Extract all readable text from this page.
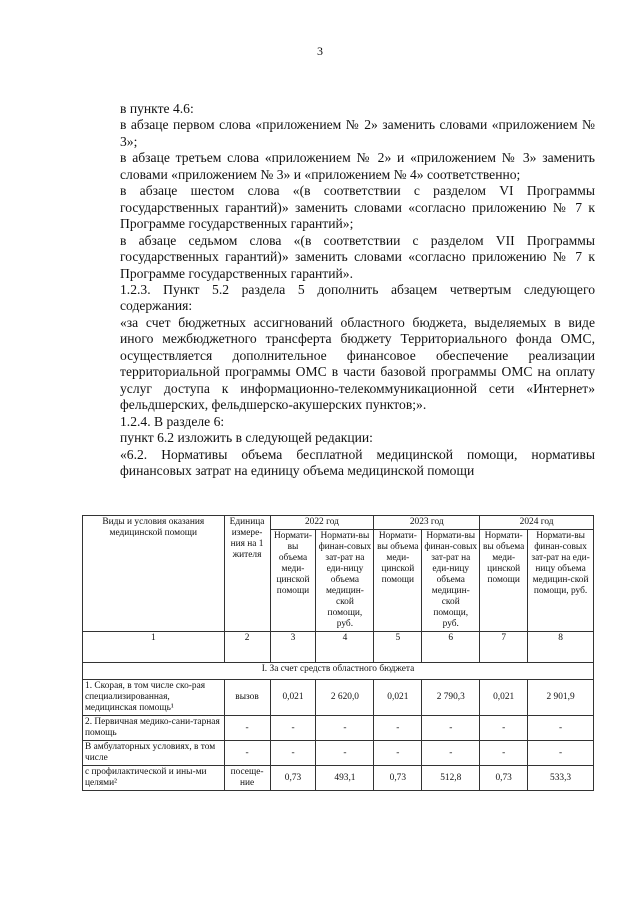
3

в пункте 4.6:

в абзаце первом слова «приложением № 2» заменить словами «приложением № 3»;

в абзаце третьем слова «приложением № 2» и «приложением № 3» заменить словами «приложением № 3» и «приложением № 4» соответственно;

в абзаце шестом слова «(в соответствии с разделом VI Программы государственных гарантий)» заменить словами «согласно приложению № 7 к Программе государственных гарантий»;

в абзаце седьмом слова «(в соответствии с разделом VII Программы государственных гарантий)» заменить словами «согласно приложению № 7 к Программе государственных гарантий».

1.2.3. Пункт 5.2 раздела 5 дополнить абзацем четвертым следующего содержания:

«за счет бюджетных ассигнований областного бюджета, выделяемых в виде иного межбюджетного трансферта бюджету Территориального фонда ОМС, осуществляется дополнительное финансовое обеспечение реализации территориальной программы ОМС в части базовой программы ОМС на оплату услуг доступа к информационно-телекоммуникационной сети «Интернет» фельдшерских, фельдшерско-акушерских пунктов;».

1.2.4. В разделе 6:

пункт 6.2 изложить в следующей редакции:

«6.2. Нормативы объема бесплатной медицинской помощи, нормативы финансовых затрат на единицу объема медицинской помощи

Виды и условия оказания медицинской помощи	Единица измере-ния на 1 жителя	2022 год		2023 год		2024 год	
		Нормати-вы объема меди-цинской помощи	Нормати-вы финан-совых зат-рат на еди-ницу объема медицин-ской помощи, руб.	Нормати-вы объема меди-цинской помощи	Нормати-вы финан-совых зат-рат на еди-ницу объема медицин-ской помощи, руб.	Нормати-вы объема меди-цинской помощи	Нормати-вы финан-совых зат-рат на еди-ницу объема медицин-ской помощи, руб.
1	2	3	4	5	6	7	8
I. За счет средств областного бюджета							
1. Скорая, в том числе ско-рая специализированная, медицинская помощь¹	вызов	0,021	2 620,0	0,021	2 790,3	0,021	2 901,9
2. Первичная медико-сани-тарная помощь	-	-	-	-	-	-	-
В амбулаторных условиях, в том числе	-	-	-	-	-	-	-
с профилактической и ины-ми целями²	посеще-ние	0,73	493,1	0,73	512,8	0,73	533,3
